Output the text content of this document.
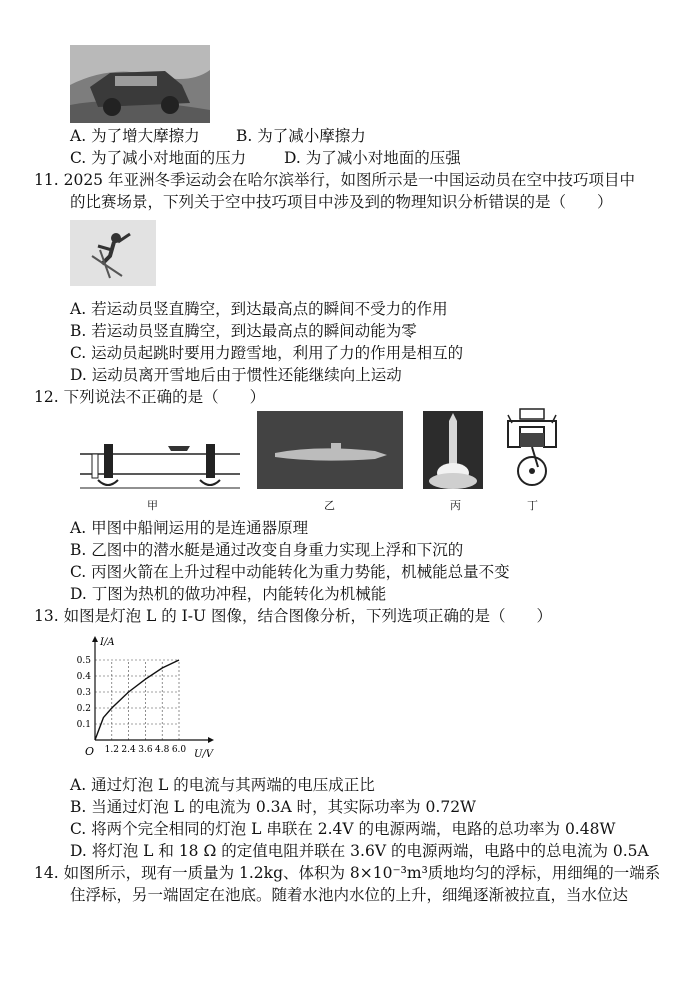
A. 为了增大摩擦力 B. 为了减小摩擦力
C. 为了减小对地面的压力 D. 为了减小对地面的压强
11. 2025 年亚洲冬季运动会在哈尔滨举行，如图所示是一中国运动员在空中技巧项目中
的比赛场景，下列关于空中技巧项目中涉及到的物理知识分析错误的是（　　）
A. 若运动员竖直腾空，到达最高点的瞬间不受力的作用
B. 若运动员竖直腾空，到达最高点的瞬间动能为零
C. 运动员起跳时要用力蹬雪地，利用了力的作用是相互的
D. 运动员离开雪地后由于惯性还能继续向上运动
12. 下列说法不正确的是（　　）
甲	乙	丙	丁
A. 甲图中船闸运用的是连通器原理
B. 乙图中的潜水艇是通过改变自身重力实现上浮和下沉的
C. 丙图火箭在上升过程中动能转化为重力势能，机械能总量不变
D. 丁图为热机的做功冲程，内能转化为机械能
13. 如图是灯泡 L 的 I-U 图像，结合图像分析，下列选项正确的是（　　）
1.2 2.4 3.6 4.8 6.0
0.1
0.2
0.3
0.4
0.5
I/A
U/V
O
A. 通过灯泡 L 的电流与其两端的电压成正比
B. 当通过灯泡 L 的电流为 0.3A 时，其实际功率为 0.72W
C. 将两个完全相同的灯泡 L 串联在 2.4V 的电源两端，电路的总功率为 0.48W
D. 将灯泡 L 和 18 Ω 的定值电阻并联在 3.6V 的电源两端，电路中的总电流为 0.5A
14. 如图所示，现有一质量为 1.2kg、体积为 8×10⁻³m³质地均匀的浮标，用细绳的一端系
住浮标，另一端固定在池底。随着水池内水位的上升，细绳逐渐被拉直，当水位达
